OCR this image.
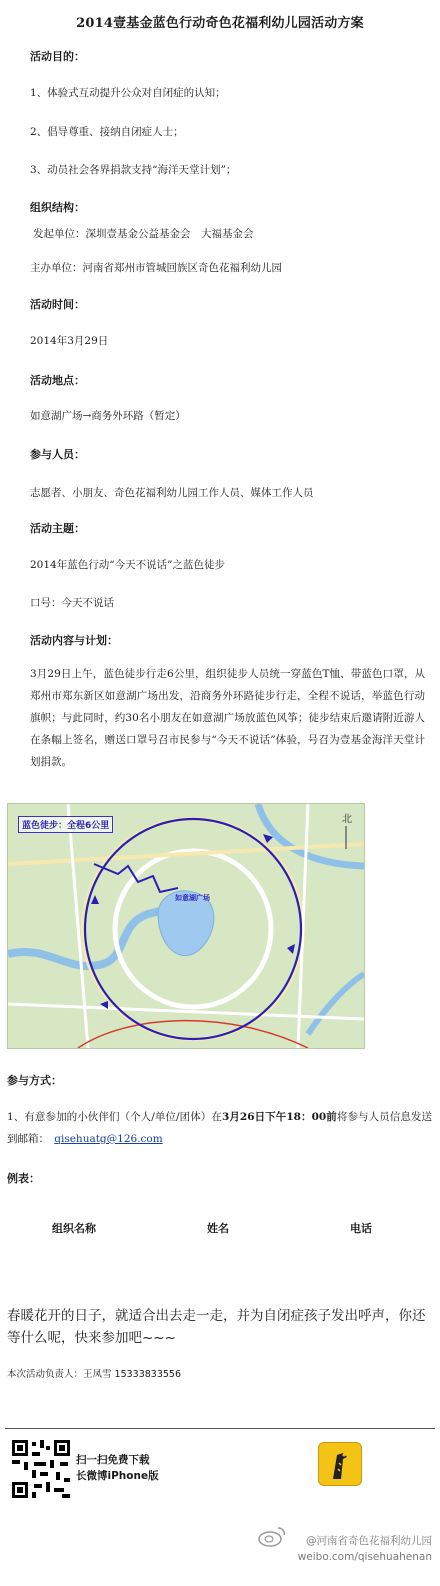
2014壹基金蓝色行动奇色花福利幼儿园活动方案
活动目的：
1、体验式互动提升公众对自闭症的认知；
2、倡导尊重、接纳自闭症人士；
3、动员社会各界捐款支持“海洋天堂计划”；
组织结构：
发起单位：深圳壹基金公益基金会　大福基金会
主办单位：河南省郑州市管城回族区奇色花福利幼儿园
活动时间：
2014年3月29日
活动地点：
如意湖广场→商务外环路（暂定）
参与人员：
志愿者、小朋友、奇色花福利幼儿园工作人员、媒体工作人员
活动主题：
2014年蓝色行动“今天不说话”之蓝色徒步
口号：今天不说话
活动内容与计划：
3月29日上午，蓝色徒步行走6公里，组织徒步人员统一穿蓝色T恤、带蓝色口罩，从郑州市郑东新区如意湖广场出发，沿商务外环路徒步行走，全程不说话，举蓝色行动旗帜；与此同时，约30名小朋友在如意湖广场放蓝色风筝；徒步结束后邀请附近游人在条幅上签名，赠送口罩号召市民参与“今天不说话”体验，号召为壹基金海洋天堂计划捐款。
北
蓝色徒步：全程6公里
如意湖广场
参与方式：
1、有意参加的小伙伴们（个人/单位/团体）在3月26日下午18：00前将参与人员信息发送到邮箱：　 qisehuatg@126.com
例表：
组织名称	姓名	电话
春暖花开的日子，就适合出去走一走，并为自闭症孩子发出呼声，你还等什么呢，快来参加吧~~~
本次活动负责人：王凤雪 15333833556
扫一扫免费下载
长微博iPhone版
@河南省奇色花福利幼儿园
weibo.com/qisehuahenan
